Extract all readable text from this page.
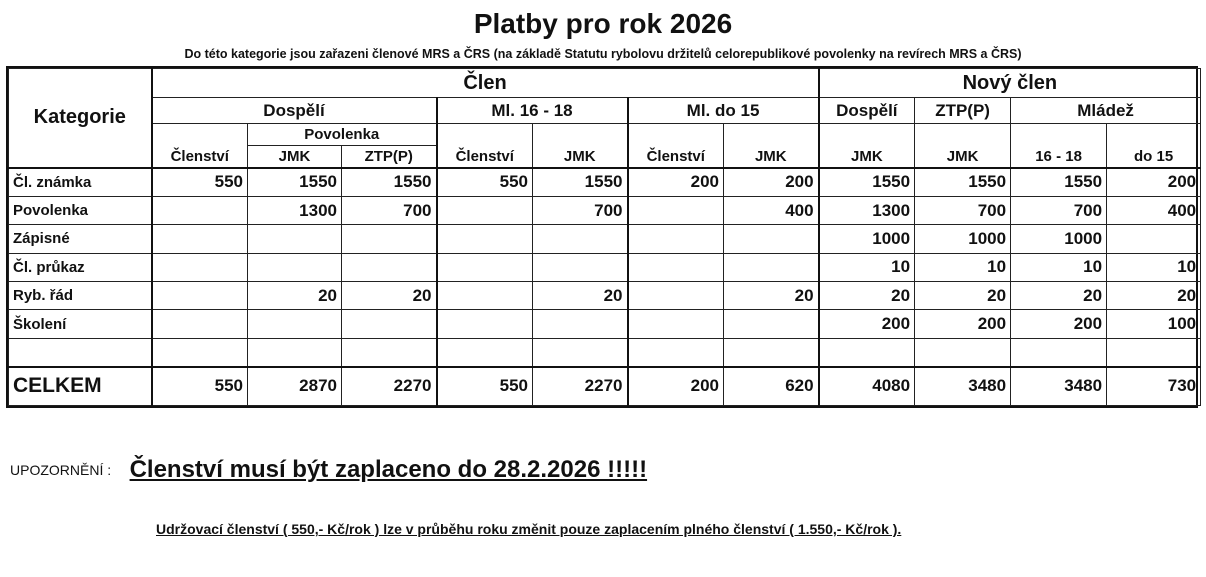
Platby pro rok 2026
Do této kategorie jsou zařazeni členové MRS a ČRS (na základě Statutu rybolovu držitelů celorepublikové povolenky na revírech MRS a ČRS)
Kategorie	Člen							Nový člen			
	Dospělí			Ml. 16 - 18		Ml. do 15		Dospělí	ZTP(P)	Mládež	
	Členství	Povolenka		Členství	JMK	Členství	JMK	JMK	JMK	16 - 18	do 15
		JMK	ZTP(P)								
Čl. známka	550	1550	1550	550	1550	200	200	1550	1550	1550	200
Povolenka		1300	700		700		400	1300	700	700	400
Zápisné								1000	1000	1000	
Čl. průkaz								10	10	10	10
Ryb. řád		20	20		20		20	20	20	20	20
Školení								200	200	200	100

CELKEM	550	2870	2270	550	2270	200	620	4080	3480	3480	730
UPOZORNĚNÍ : Členství musí být zaplaceno do 28.2.2026 !!!!!
Udržovací členství ( 550,- Kč/rok ) lze v průběhu roku změnit pouze zaplacením plného členství ( 1.550,- Kč/rok ).
